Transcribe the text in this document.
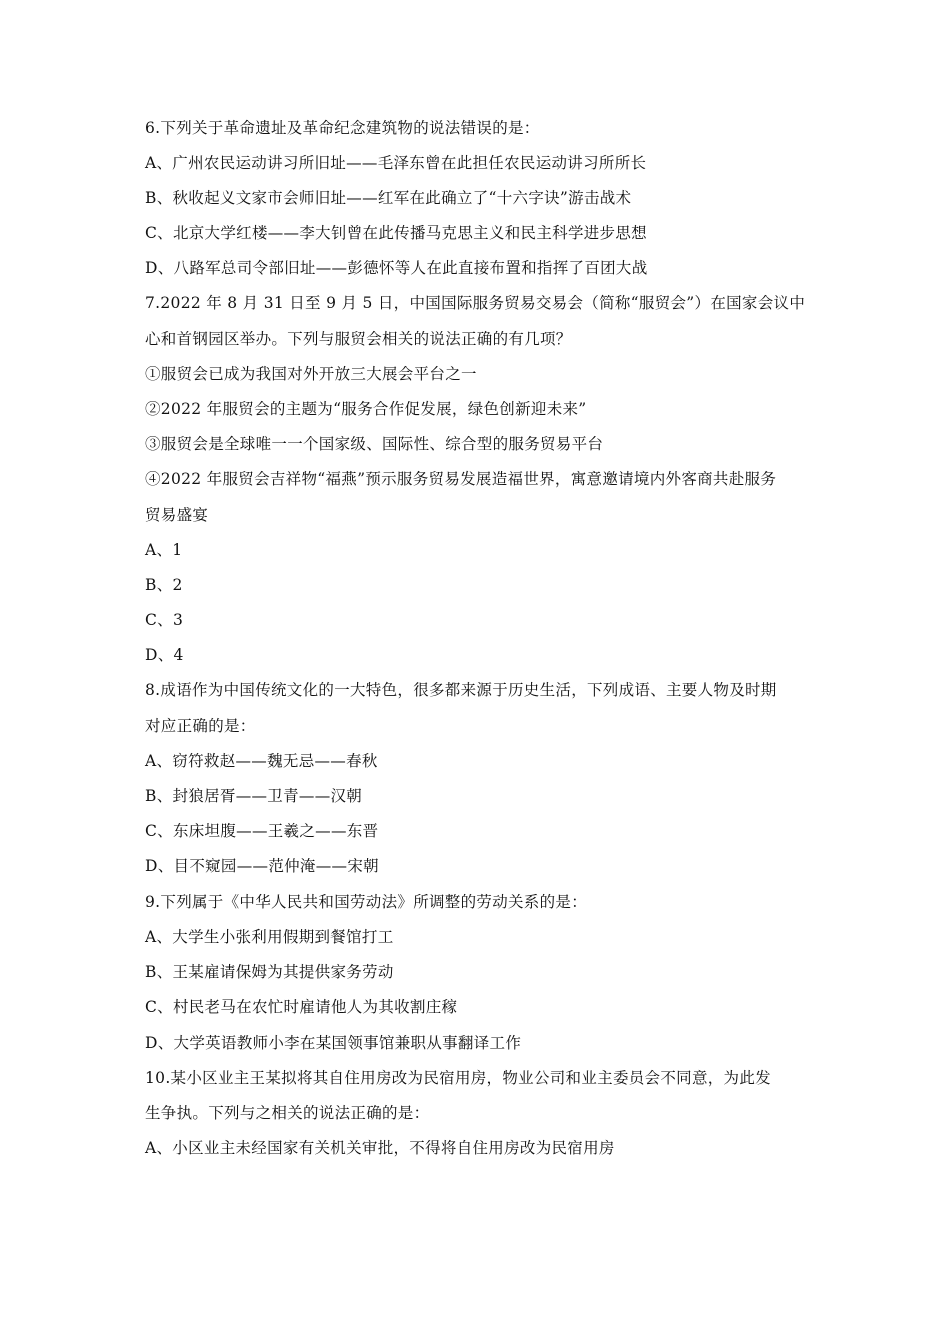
6.下列关于革命遗址及革命纪念建筑物的说法错误的是：
A、广州农民运动讲习所旧址——毛泽东曾在此担任农民运动讲习所所长
B、秋收起义文家市会师旧址——红军在此确立了“十六字诀”游击战术
C、北京大学红楼——李大钊曾在此传播马克思主义和民主科学进步思想
D、八路军总司令部旧址——彭德怀等人在此直接布置和指挥了百团大战
7.2022 年 8 月 31 日至 9 月 5 日，中国国际服务贸易交易会（简称“服贸会”）在国家会议中
心和首钢园区举办。下列与服贸会相关的说法正确的有几项？
①服贸会已成为我国对外开放三大展会平台之一
②2022 年服贸会的主题为“服务合作促发展，绿色创新迎未来”
③服贸会是全球唯一一个国家级、国际性、综合型的服务贸易平台
④2022 年服贸会吉祥物“福燕”预示服务贸易发展造福世界，寓意邀请境内外客商共赴服务
贸易盛宴
A、1
B、2
C、3
D、4
8.成语作为中国传统文化的一大特色，很多都来源于历史生活，下列成语、主要人物及时期
对应正确的是：
A、窃符救赵——魏无忌——春秋
B、封狼居胥——卫青——汉朝
C、东床坦腹——王羲之——东晋
D、目不窥园——范仲淹——宋朝
9.下列属于《中华人民共和国劳动法》所调整的劳动关系的是：
A、大学生小张利用假期到餐馆打工
B、王某雇请保姆为其提供家务劳动
C、村民老马在农忙时雇请他人为其收割庄稼
D、大学英语教师小李在某国领事馆兼职从事翻译工作
10.某小区业主王某拟将其自住用房改为民宿用房，物业公司和业主委员会不同意，为此发
生争执。下列与之相关的说法正确的是：
A、小区业主未经国家有关机关审批，不得将自住用房改为民宿用房
